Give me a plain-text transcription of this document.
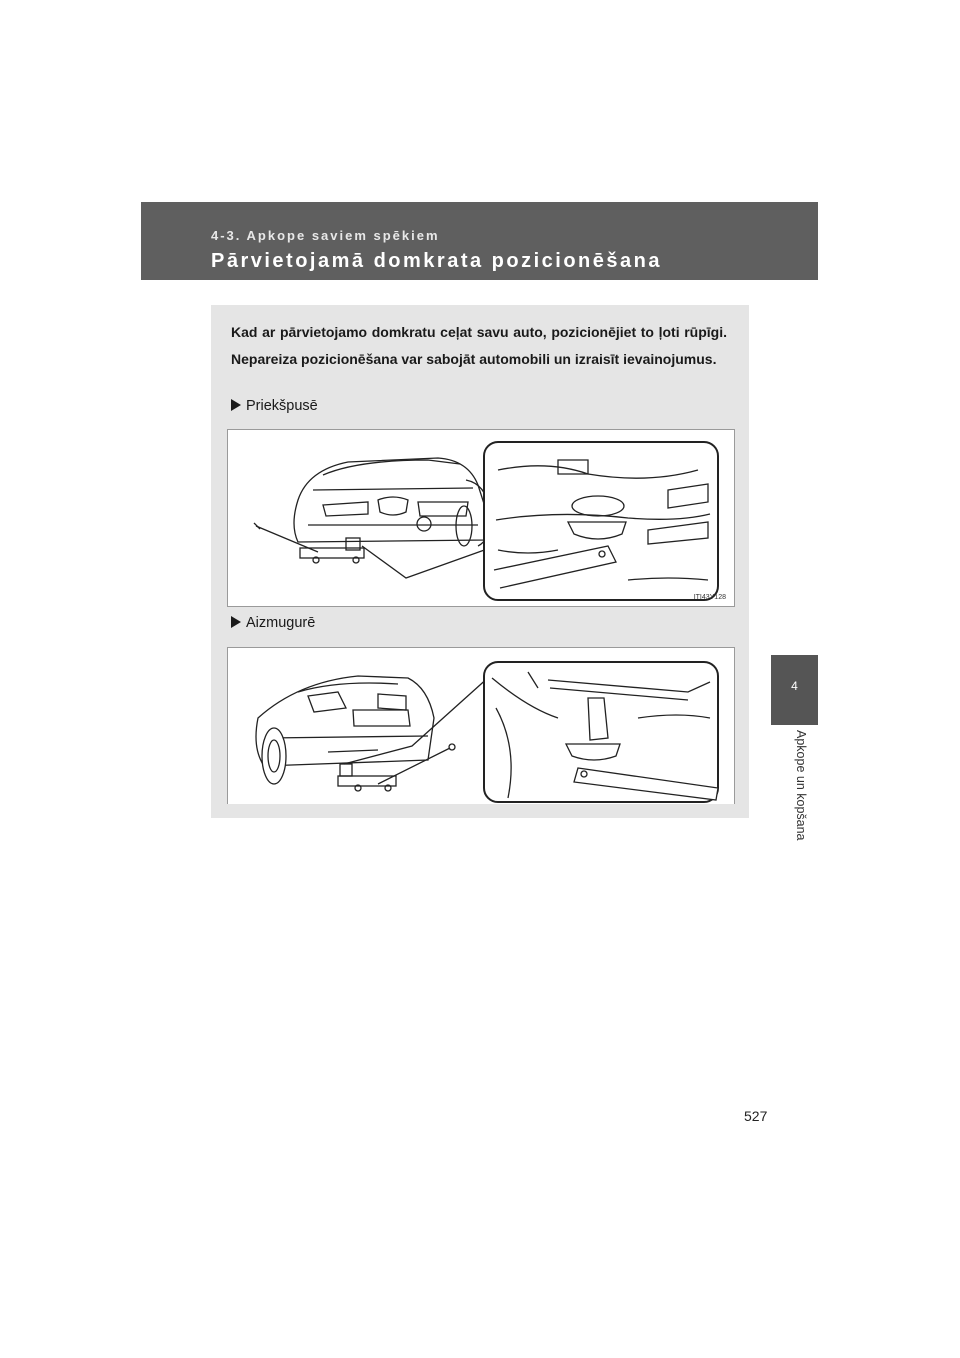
4-3. Apkope saviem spēkiem
Pārvietojamā domkrata pozicionēšana
4
Apkope un kopšana
Kad ar pārvietojamo domkratu ceļat savu auto, pozicionējiet to ļoti rūpīgi. Nepareiza pozicionēšana var sabojāt automobili un izraisīt ievainojumus.
Priekšpusē
ITI43Y128
Aizmugurē
527
